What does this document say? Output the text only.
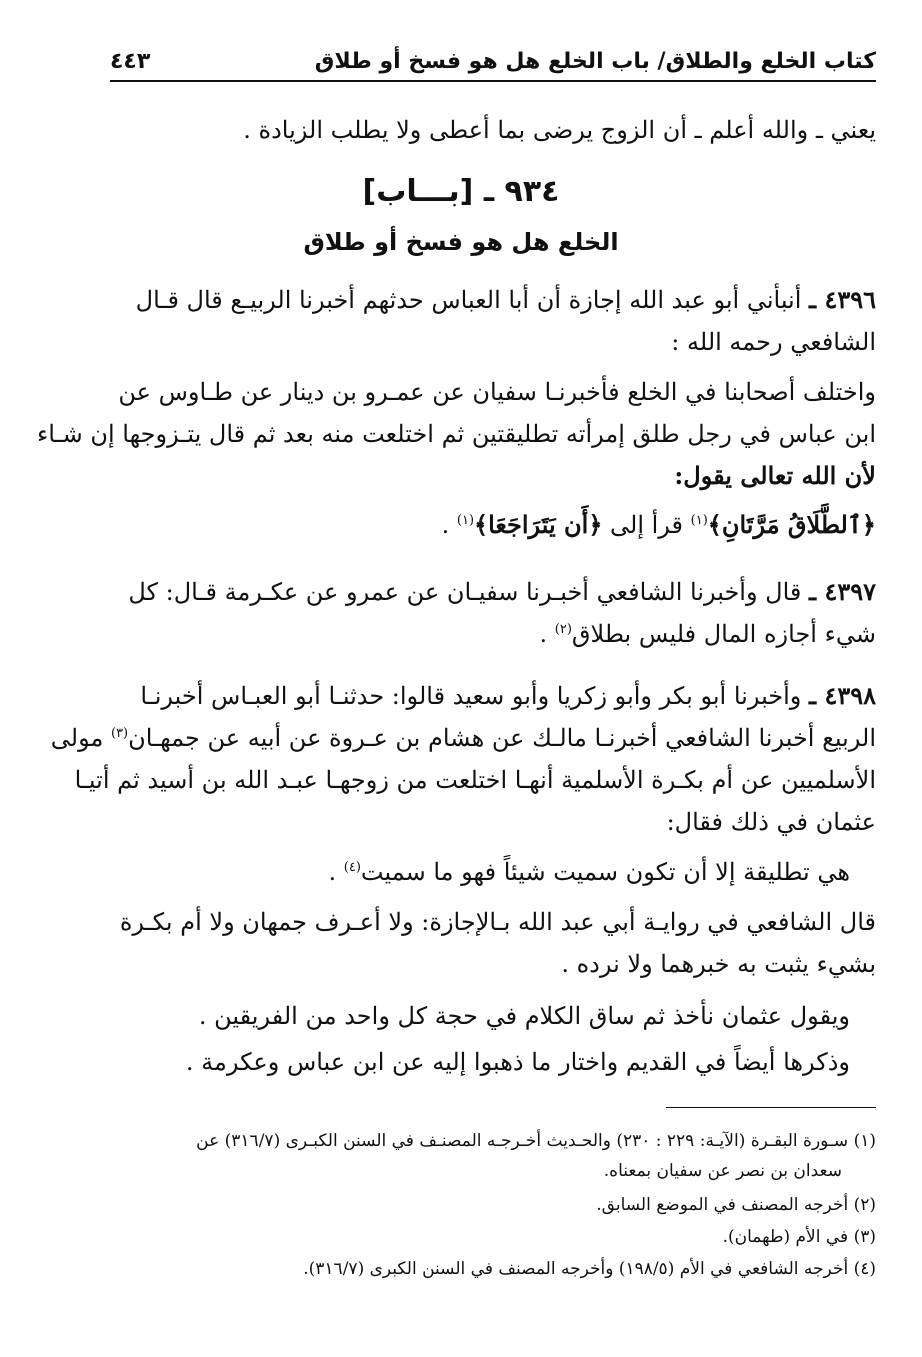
٤٤٣	كتاب الخلع والطلاق/ باب الخلع هل هو فسخ أو طلاق
يعني ـ والله أعلم ـ أن الزوج يرضى بما أعطى ولا يطلب الزيادة .
٩٣٤ ـ [بـــاب]
الخلع هل هو فسخ أو طلاق
٤٣٩٦ ـ أنبأني أبو عبد الله إجازة أن أبا العباس حدثهم أخبرنا الربيـع قال قـال
الشافعي رحمه الله :
واختلف أصحابنا في الخلع فأخبرنـا سفيان عن عمـرو بن دينار عن طـاوس عن
ابن عباس في رجل طلق إمرأته تطليقتين ثم اختلعت منه بعد ثم قال يتـزوجها إن شـاء
لأن الله تعالى يقول:
﴿ٱلطَّلَاقُ مَرَّتَانِ﴾$^{(١)}$ قرأ إلى ﴿أَن يَتَرَاجَعَا﴾$^{(١)}$ .
٤٣٩٧ ـ قال وأخبرنا الشافعي أخبـرنا سفيـان عن عمرو عن عكـرمة قـال: كل
شيء أجازه المال فليس بطلاق$^{(٢)}$ .
٤٣٩٨ ـ وأخبرنا أبو بكر وأبو زكريا وأبو سعيد قالوا: حدثنـا أبو العبـاس أخبرنـا
الربيع أخبرنا الشافعي أخبرنـا مالـك عن هشام بن عـروة عن أبيه عن جمهـان$^{(٣)}$ مولى
الأسلميين عن أم بكـرة الأسلمية أنهـا اختلعت من زوجهـا عبـد الله بن أسيد ثم أتيـا
عثمان في ذلك فقال:
هي تطليقة إلا أن تكون سميت شيئاً فهو ما سميت$^{(٤)}$ .
قال الشافعي في روايـة أبي عبد الله بـالإجازة: ولا أعـرف جمهان ولا أم بكـرة
بشيء يثبت به خبرهما ولا نرده .
ويقول عثمان نأخذ ثم ساق الكلام في حجة كل واحد من الفريقين .
وذكرها أيضاً في القديم واختار ما ذهبوا إليه عن ابن عباس وعكرمة .
(١) سـورة البقـرة (الآيـة: ٢٢٩ : ٢٣٠) والحـديث أخـرجـه المصنـف في السنن الكبـرى (٣١٦/٧) عن
سعدان بن نصر عن سفيان بمعناه.
(٢) أخرجه المصنف في الموضع السابق.
(٣) في الأم (طهمان).
(٤) أخرجه الشافعي في الأم (١٩٨/٥) وأخرجه المصنف في السنن الكبرى (٣١٦/٧).
